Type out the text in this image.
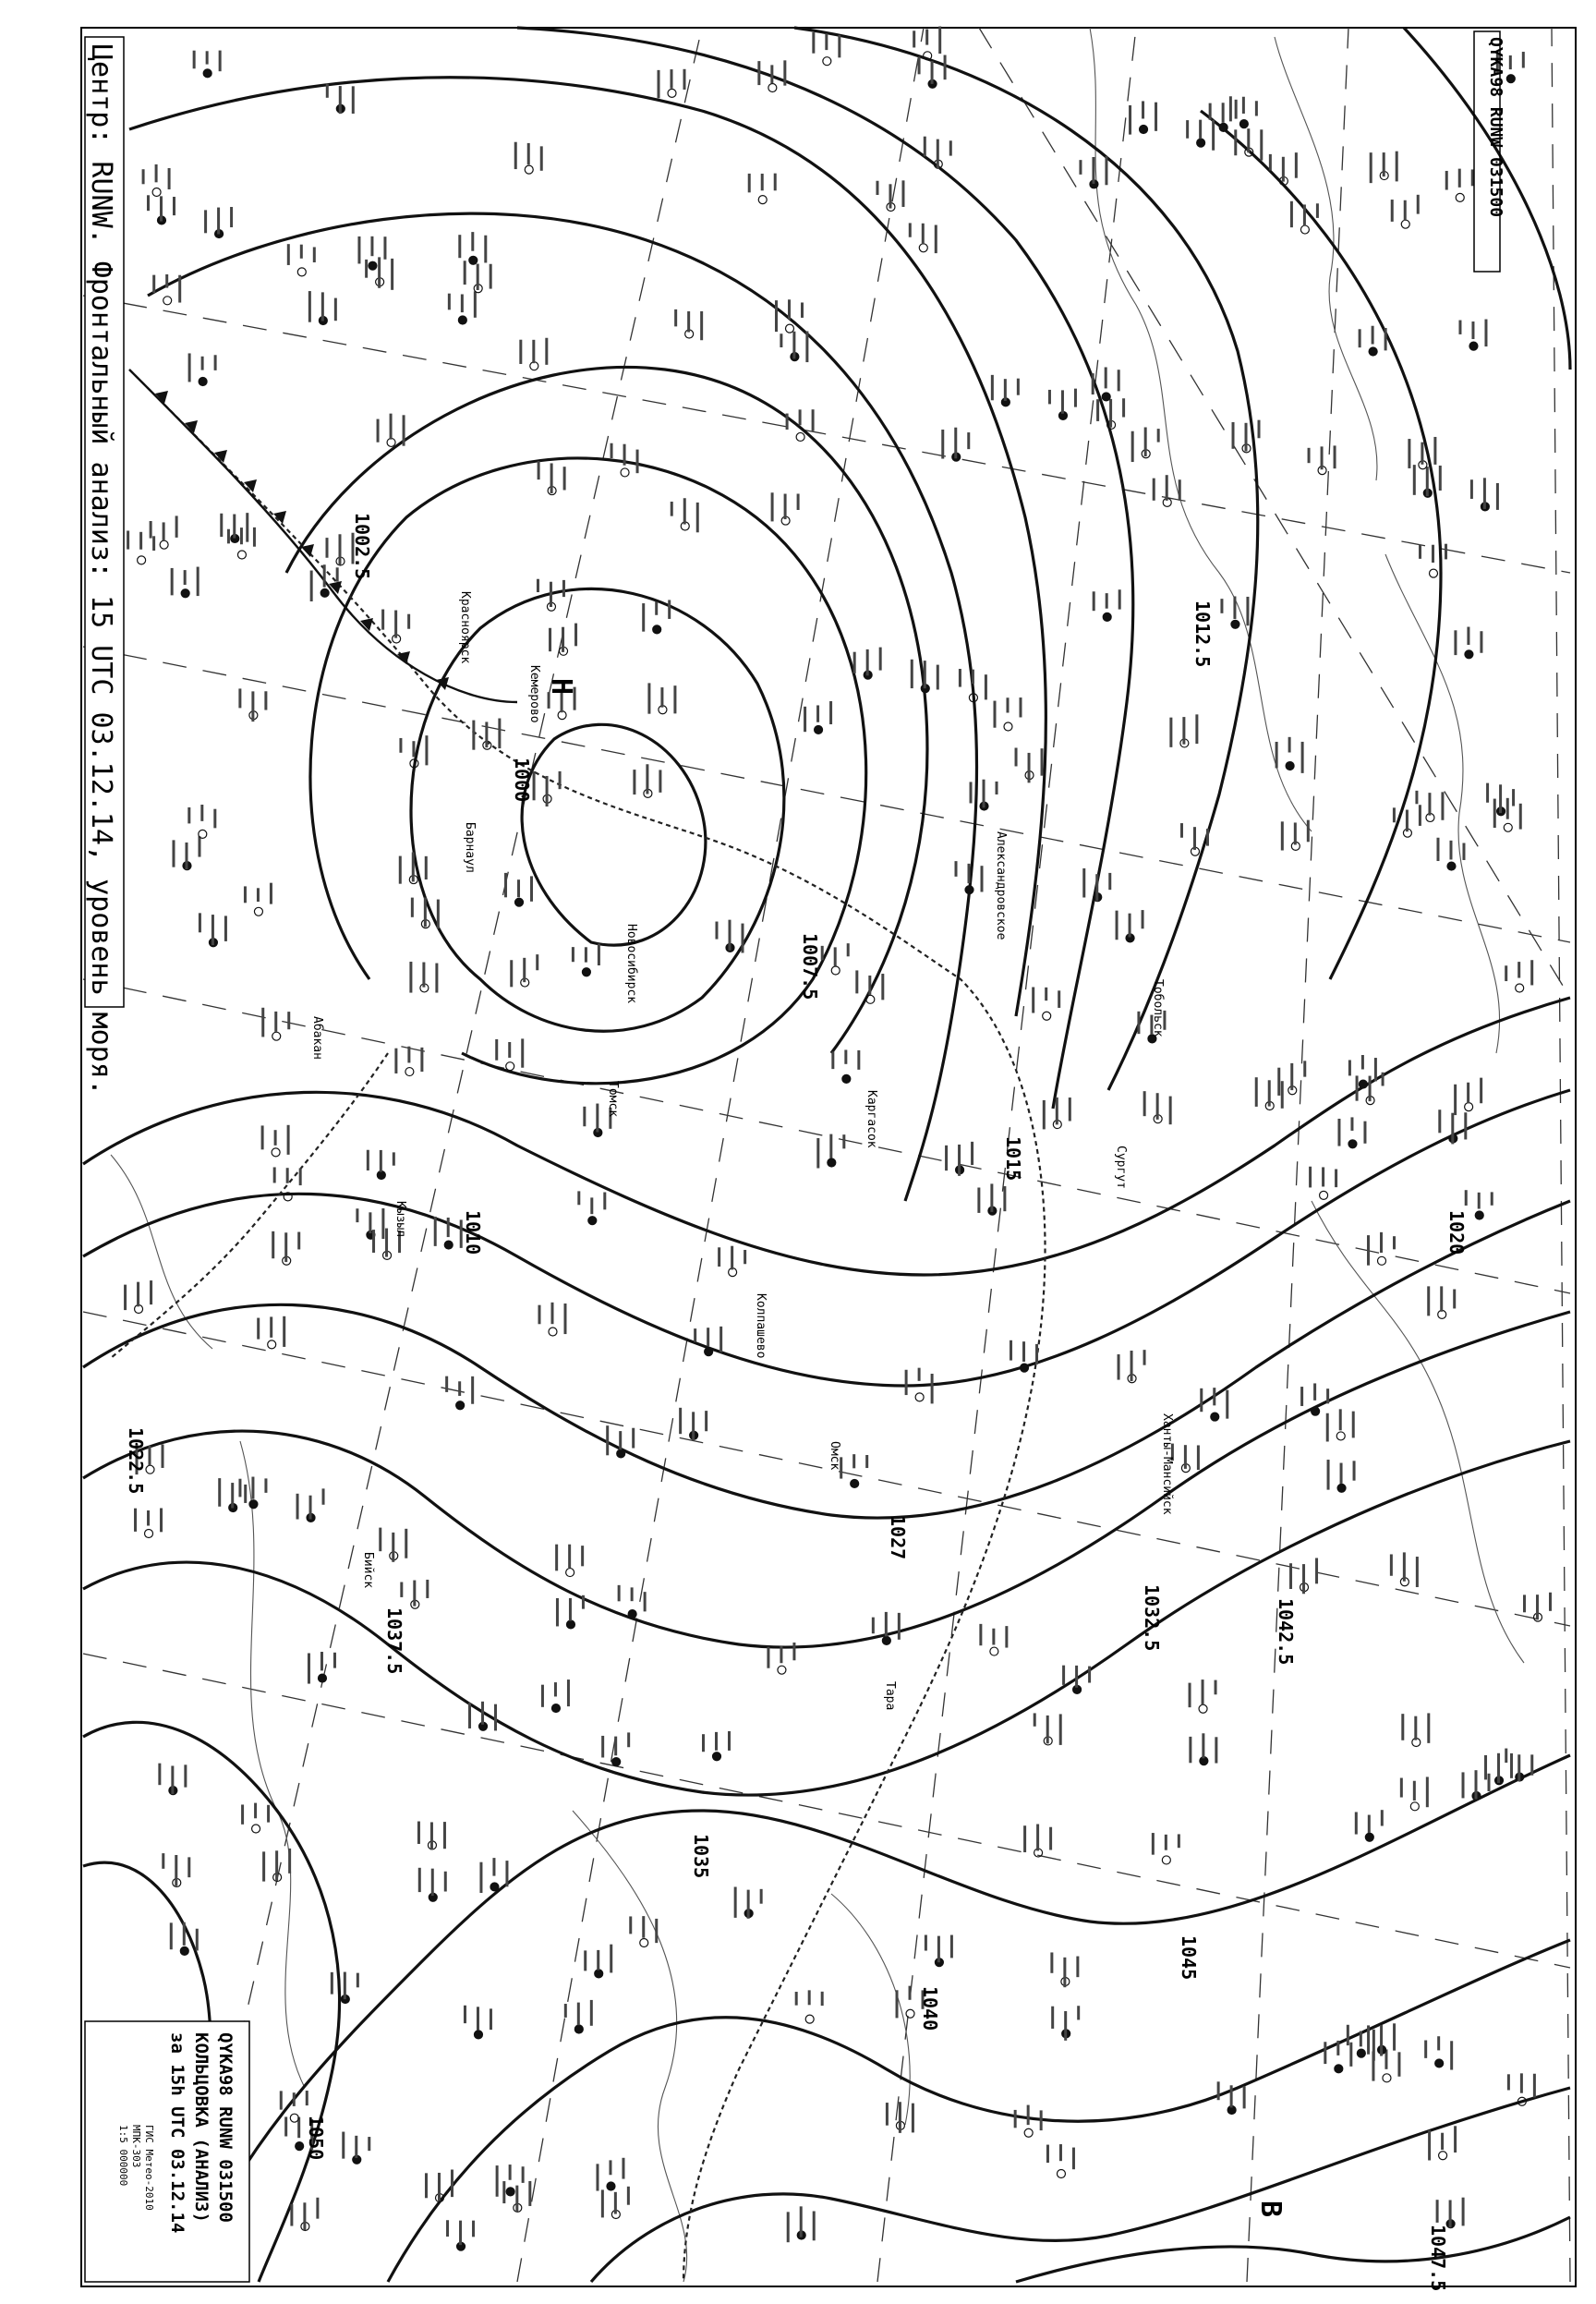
1000
1002.5
1007.5
1010
1012.5
1015
1020
1022.5
1027
1032.5
1035
1037.5
1040
1042.5
1045
1047.5
1050
Красноярск
Кемерово
Барнаул
Новосибирск
Абакан
Кызыл
Александровское
Колпашево
Томск
Омск
Тобольск
Ханты-Мансийск
Сургут
Тара
Каргасок
Бийск
Н
В
QYKA98 RUNW 031500
Центр: RUNW. Фронтальный анализ: 15 UTC 03.12.14, уровень моря.
QYKA98 RUNW 031500
КОЛЬЦОВКА (АНАЛИЗ)
за 15h UTC 03.12.14
ГИС Метео-2010
МПК-303
1:5 000000
